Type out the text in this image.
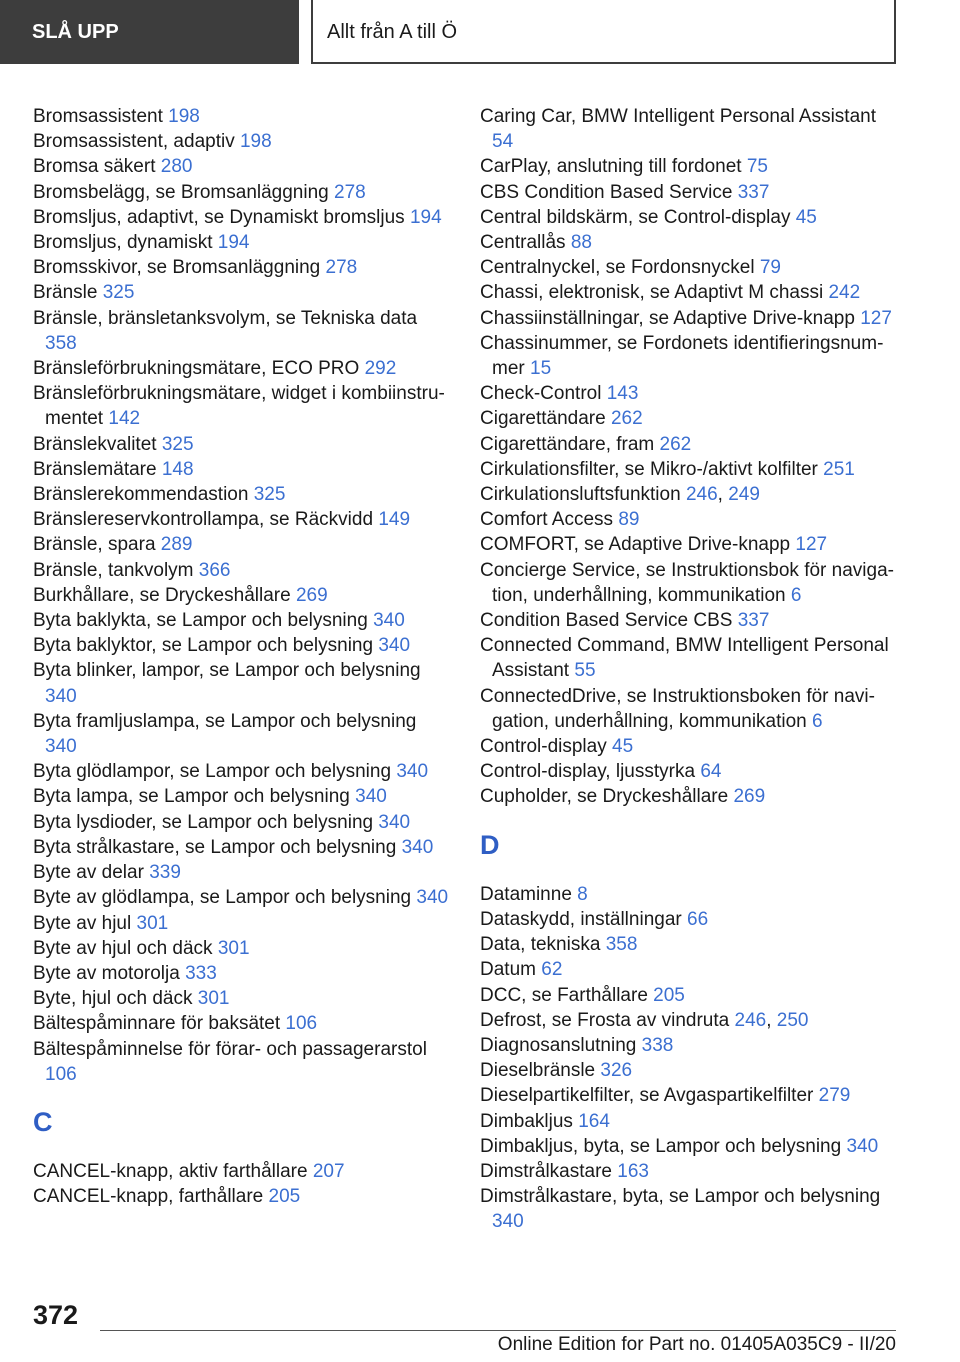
SLÅ UPP	Allt från A till Ö

Bromsassistent 198

Bromsassistent, adaptiv 198

Bromsa säkert 280

Bromsbelägg, se Bromsanläggning 278

Bromsljus, adaptivt, se Dynamiskt bromsljus 194

Bromsljus, dynamiskt 194

Bromsskivor, se Bromsanläggning 278

Bränsle 325

Bränsle, bränsletanksvolym, se Tekniska data 358

Bränsleförbrukningsmätare, ECO PRO 292

Bränsleförbrukningsmätare, widget i kombiinstrumentet 142

Bränslekvalitet 325

Bränslemätare 148

Bränslerekommendastion 325

Bränslereservkontrollampa, se Räckvidd 149

Bränsle, spara 289

Bränsle, tankvolym 366

Burkhållare, se Dryckeshållare 269

Byta baklykta, se Lampor och belysning 340

Byta baklyktor, se Lampor och belysning 340

Byta blinker, lampor, se Lampor och belysning 340

Byta framljuslampa, se Lampor och belysning 340

Byta glödlampor, se Lampor och belysning 340

Byta lampa, se Lampor och belysning 340

Byta lysdioder, se Lampor och belysning 340

Byta strålkastare, se Lampor och belysning 340

Byte av delar 339

Byte av glödlampa, se Lampor och belysning 340

Byte av hjul 301

Byte av hjul och däck 301

Byte av motorolja 333

Byte, hjul och däck 301

Bältespåminnare för baksätet 106

Bältespåminnelse för förar- och passagerarstol 106

C

CANCEL-knapp, aktiv farthållare 207

CANCEL-knapp, farthållare 205

Caring Car, BMW Intelligent Personal Assistant 54

CarPlay, anslutning till fordonet 75

CBS Condition Based Service 337

Central bildskärm, se Control-display 45

Centrallås 88

Centralnyckel, se Fordonsnyckel 79

Chassi, elektronisk, se Adaptivt M chassi 242

Chassiinställningar, se Adaptive Drive-knapp 127

Chassinummer, se Fordonets identifieringsnummer 15

Check-Control 143

Cigarettändare 262

Cigarettändare, fram 262

Cirkulationsfilter, se Mikro-/aktivt kolfilter 251

Cirkulationsluftsfunktion 246, 249

Comfort Access 89

COMFORT, se Adaptive Drive-knapp 127

Concierge Service, se Instruktionsbok för navigation, underhållning, kommunikation 6

Condition Based Service CBS 337

Connected Command, BMW Intelligent Personal Assistant 55

ConnectedDrive, se Instruktionsboken för navigation, underhållning, kommunikation 6

Control-display 45

Control-display, ljusstyrka 64

Cupholder, se Dryckeshållare 269

D

Dataminne 8

Dataskydd, inställningar 66

Data, tekniska 358

Datum 62

DCC, se Farthållare 205

Defrost, se Frosta av vindruta 246, 250

Diagnosanslutning 338

Dieselbränsle 326

Dieselpartikelfilter, se Avgaspartikelfilter 279

Dimbakljus 164

Dimbakljus, byta, se Lampor och belysning 340

Dimstrålkastare 163

Dimstrålkastare, byta, se Lampor och belysning 340

372
Online Edition for Part no. 01405A035C9 - II/20
